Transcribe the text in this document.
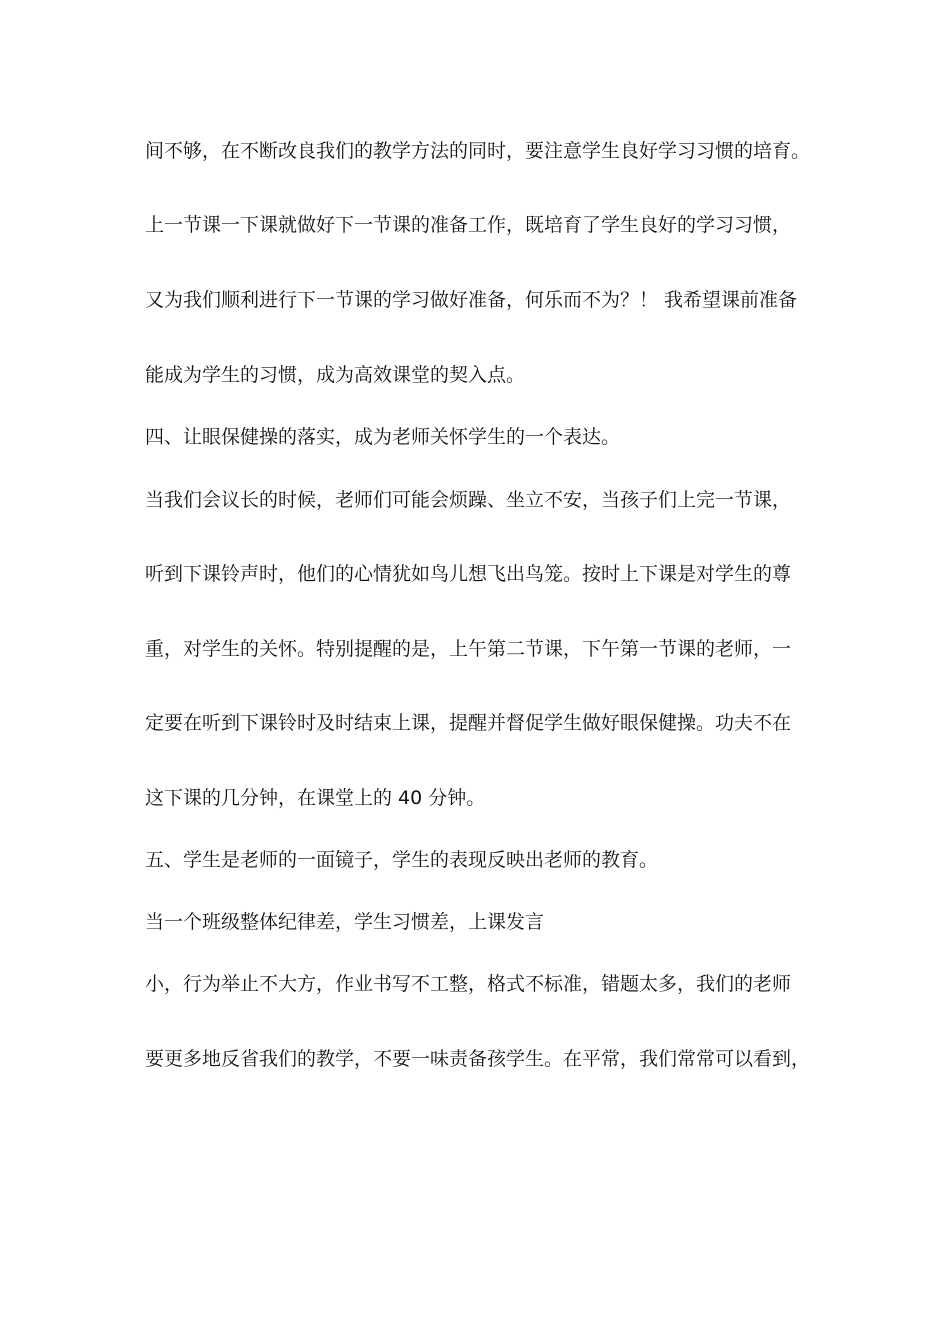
间不够，在不断改良我们的教学方法的同时，要注意学生良好学习习惯的培育。
上一节课一下课就做好下一节课的准备工作，既培育了学生良好的学习习惯，
又为我们顺利进行下一节课的学习做好准备，何乐而不为？！ 我希望课前准备
能成为学生的习惯，成为高效课堂的契入点。
四、让眼保健操的落实，成为老师关怀学生的一个表达。
当我们会议长的时候，老师们可能会烦躁、坐立不安，当孩子们上完一节课，
听到下课铃声时，他们的心情犹如鸟儿想飞出鸟笼。按时上下课是对学生的尊
重，对学生的关怀。特别提醒的是，上午第二节课，下午第一节课的老师，一
定要在听到下课铃时及时结束上课，提醒并督促学生做好眼保健操。功夫不在
这下课的几分钟，在课堂上的 40 分钟。
五、学生是老师的一面镜子，学生的表现反映出老师的教育。
当一个班级整体纪律差，学生习惯差，上课发言
小，行为举止不大方，作业书写不工整，格式不标准，错题太多，我们的老师
要更多地反省我们的教学，不要一味责备孩学生。在平常，我们常常可以看到，
